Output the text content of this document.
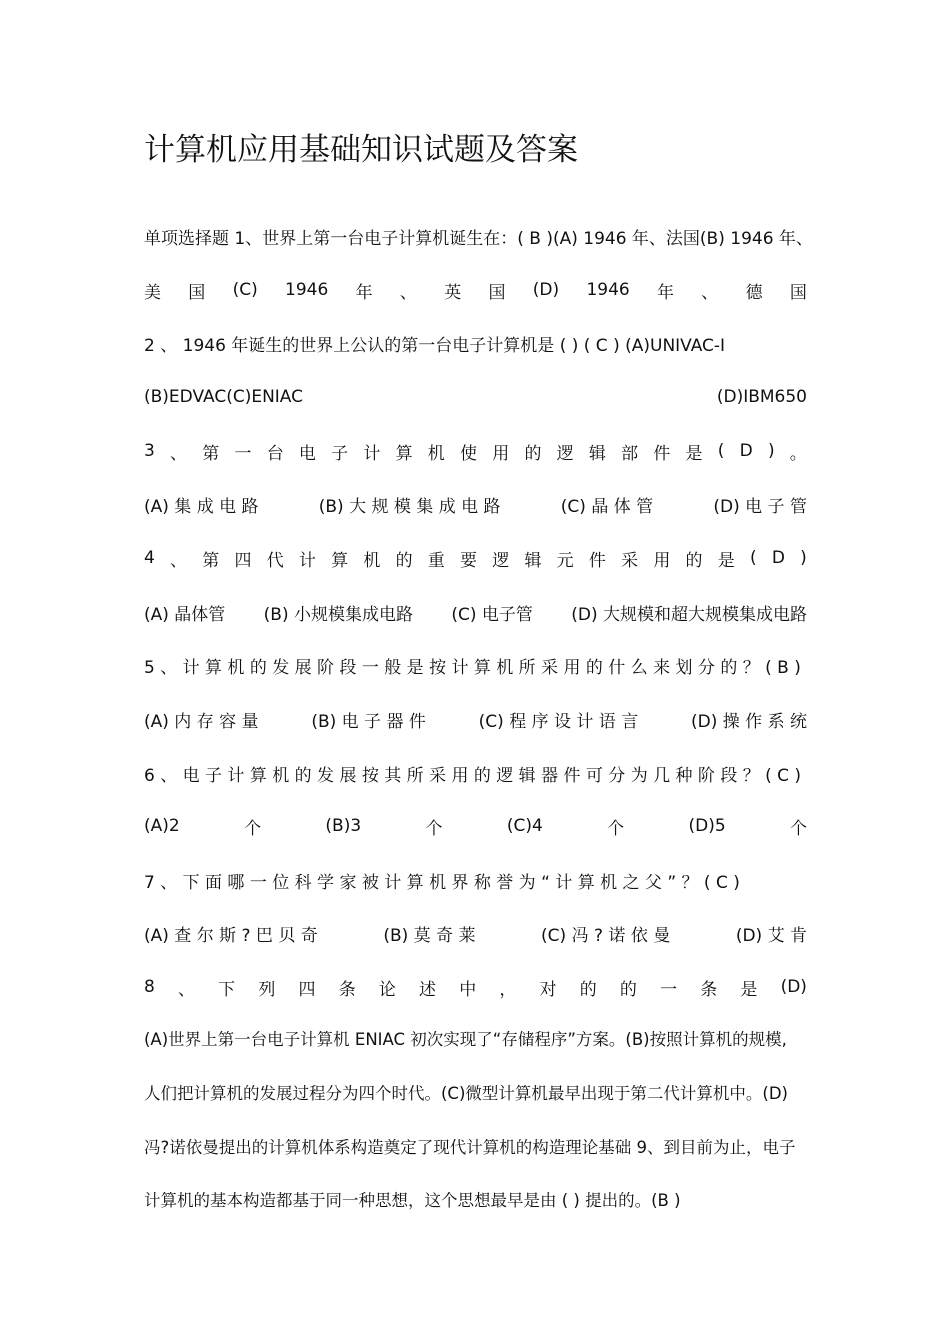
计算机应用基础知识试题及答案
单项选择题 1、世界上第一台电子计算机诞生在：( B )(A) 1946 年、法国 (B) 1946 年、
美 国 (C) 1946 年 、 英 国 (D) 1946 年 、 德 国
2 、 1946 年诞生的世界上公认的第一台电子计算机是 ( ) ( C ) (A)UNIVAC-I
(B)EDVAC(C)ENIAC	(D)IBM650
3 、 第 一 台 电 子 计 算 机 使 用 的 逻 辑 部 件 是 ( D ) 。
(A) 集 成 电 路	(B) 大 规 模 集 成 电 路	(C) 晶 体 管	(D) 电 子 管
4 、 第 四 代 计 算 机 的 重 要 逻 辑 元 件 采 用 的 是 ( D )
(A) 晶体管 (B) 小规模集成电路 (C) 电子管 (D) 大规模和超大规模集成电路
5 、 计 算 机 的 发 展 阶 段 一 般 是 按 计 算 机 所 采 用 的 什 么 来 划 分 的 ？ ( B )
(A) 内 存 容 量	(B) 电 子 器 件	(C) 程 序 设 计 语 言	(D) 操 作 系 统
6 、 电 子 计 算 机 的 发 展 按 其 所 采 用 的 逻 辑 器 件 可 分 为 几 种 阶 段 ？ ( C )
(A)2	个	(B)3	个	(C)4	个	(D)5	个
7 、 下 面 哪 一 位 科 学 家 被 计 算 机 界 称 誉 为 “ 计 算 机 之 父 ” ？ ( C )
(A) 查 尔 斯 ? 巴 贝 奇	(B) 莫 奇 莱	(C) 冯 ? 诺 依 曼	(D) 艾 肯
8 、 下 列 四 条 论 述 中 ， 对 的 的 一 条 是 (D)
(A)世界上第一台电子计算机 ENIAC 初次实现了“存储程序”方案。(B)按照计算机的规模,
人们把计算机的发展过程分为四个时代。(C)微型计算机最早出现于第二代计算机中。(D)
冯?诺依曼提出的计算机体系构造奠定了现代计算机的构造理论基础 9、到目前为止，电子
计算机的基本构造都基于同一种思想，这个思想最早是由 ( ) 提出的。(B )
